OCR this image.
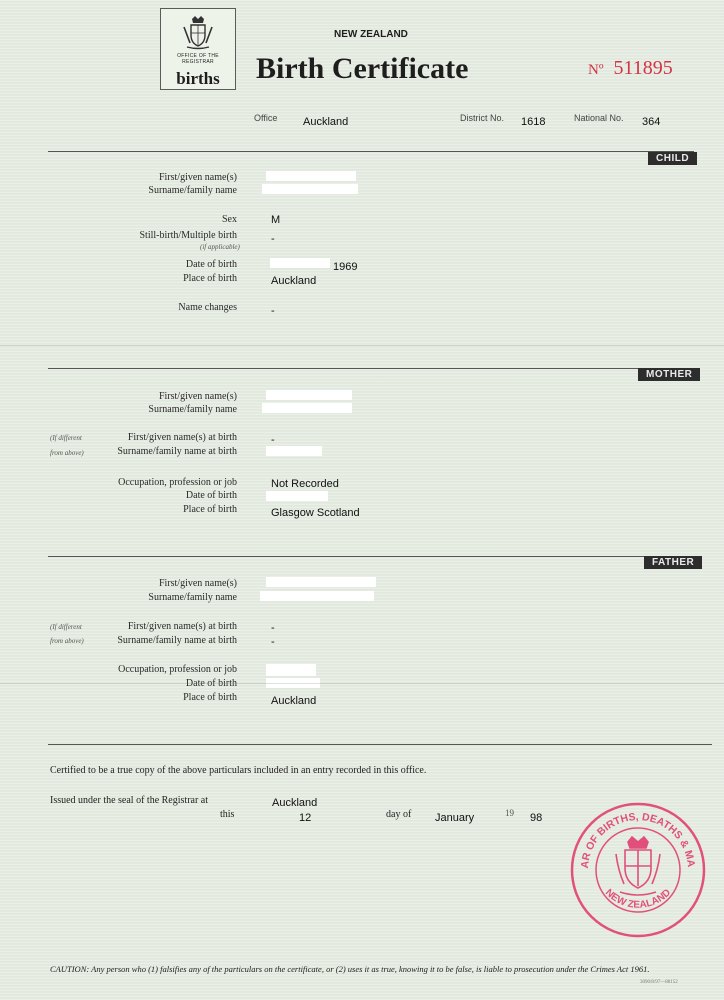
OFFICE OF THE REGISTRAR
births
NEW ZEALAND
Birth Certificate	Nº 511895
Office Auckland	District No. 1618	National No. 364
CHILD
First/given name(s)
Surname/family name
Sex	M
Still-birth/Multiple birth
(if applicable)
-
Date of birth	1969
Place of birth	Auckland
Name changes	-
MOTHER
First/given name(s)
Surname/family name
(If different
from above)
First/given name(s) at birth	-
Surname/family name at birth
Occupation, profession or job	Not Recorded
Date of birth
Place of birth	Glasgow Scotland
FATHER
First/given name(s)
Surname/family name
(If different
from above)
First/given name(s) at birth	-
Surname/family name at birth	-
Occupation, profession or job
Date of birth
Place of birth	Auckland
Certified to be a true copy of the above particulars included in an entry recorded in this office.
Issued under the seal of the Registrar at	Auckland
this	12	day of January	19 98
AR OF BIRTHS, DEATHS & MA
NEW ZEALAND
CAUTION: Any person who (1) falsifies any of the particulars on the certificate, or (2) uses it as true, knowing it to be false, is liable to prosecution under the Crimes Act 1961.
3090/8/97—88152
